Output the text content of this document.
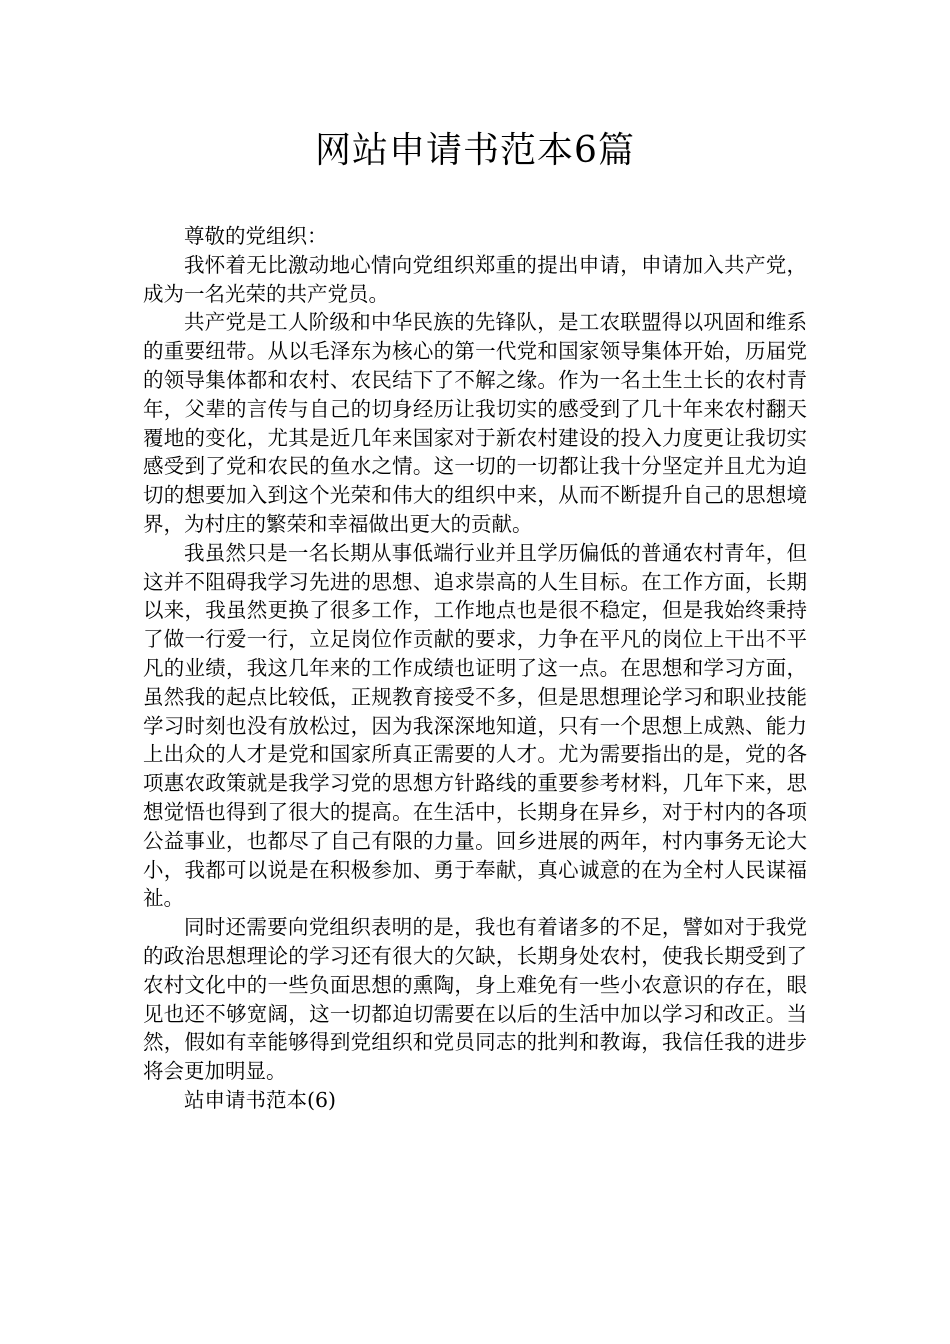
网站申请书范本6篇

尊敬的党组织：

我怀着无比激动地心情向党组织郑重的提出申请，申请加入共产党，成为一名光荣的共产党员。

共产党是工人阶级和中华民族的先锋队，是工农联盟得以巩固和维系的重要纽带。从以毛泽东为核心的第一代党和国家领导集体开始，历届党的领导集体都和农村、农民结下了不解之缘。作为一名土生土长的农村青年，父辈的言传与自己的切身经历让我切实的感受到了几十年来农村翻天覆地的变化，尤其是近几年来国家对于新农村建设的投入力度更让我切实感受到了党和农民的鱼水之情。这一切的一切都让我十分坚定并且尤为迫切的想要加入到这个光荣和伟大的组织中来，从而不断提升自己的思想境界，为村庄的繁荣和幸福做出更大的贡献。

我虽然只是一名长期从事低端行业并且学历偏低的普通农村青年，但这并不阻碍我学习先进的思想、追求崇高的人生目标。在工作方面，长期以来，我虽然更换了很多工作，工作地点也是很不稳定，但是我始终秉持了做一行爱一行，立足岗位作贡献的要求，力争在平凡的岗位上干出不平凡的业绩，我这几年来的工作成绩也证明了这一点。在思想和学习方面，虽然我的起点比较低，正规教育接受不多，但是思想理论学习和职业技能学习时刻也没有放松过，因为我深深地知道，只有一个思想上成熟、能力上出众的人才是党和国家所真正需要的人才。尤为需要指出的是，党的各项惠农政策就是我学习党的思想方针路线的重要参考材料，几年下来，思想觉悟也得到了很大的提高。在生活中，长期身在异乡，对于村内的各项公益事业，也都尽了自己有限的力量。回乡进展的两年，村内事务无论大小，我都可以说是在积极参加、勇于奉献，真心诚意的在为全村人民谋福祉。

同时还需要向党组织表明的是，我也有着诸多的不足，譬如对于我党的政治思想理论的学习还有很大的欠缺，长期身处农村，使我长期受到了农村文化中的一些负面思想的熏陶，身上难免有一些小农意识的存在，眼见也还不够宽阔，这一切都迫切需要在以后的生活中加以学习和改正。当然，假如有幸能够得到党组织和党员同志的批判和教诲，我信任我的进步将会更加明显。

站申请书范本(6)
